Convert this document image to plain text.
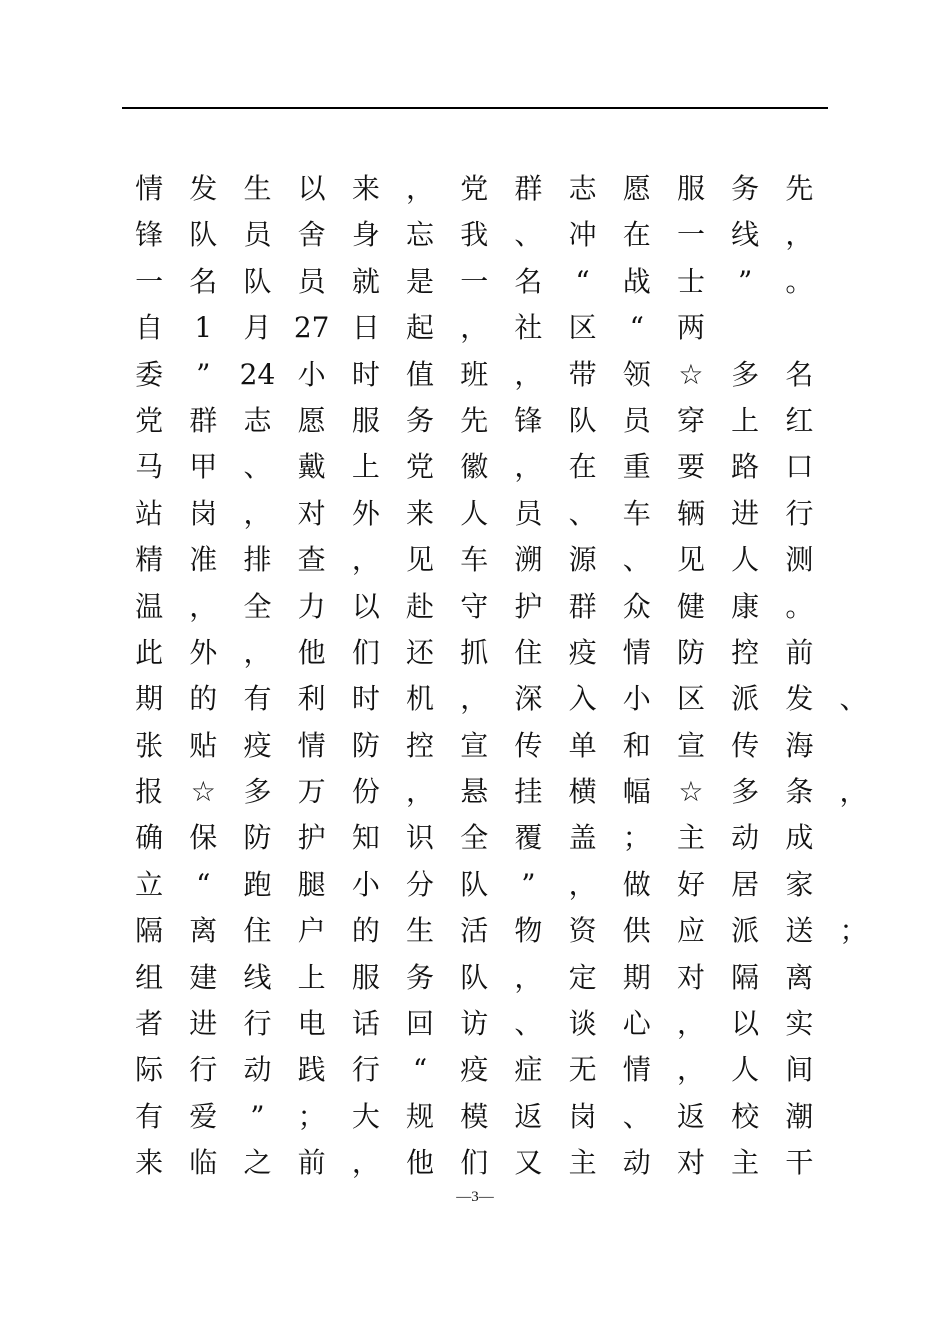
情 发 生 以 来 ， 党 群 志 愿 服 务 先
锋 队 员 舍 身 忘 我 、 冲 在 一 线 ，
一 名 队 员 就 是 一 名 “ 战 士 ” 。
自 1 月 27 日 起 ， 社 区 “ 两
委 ” 24 小 时 值 班 ， 带 领 ☆ 多 名
党 群 志 愿 服 务 先 锋 队 员 穿 上 红
马 甲 、 戴 上 党 徽 ， 在 重 要 路 口
站 岗 ， 对 外 来 人 员 、 车 辆 进 行
精 准 排 查 ， 见 车 溯 源 、 见 人 测
温 ， 全 力 以 赴 守 护 群 众 健 康 。
此 外 ， 他 们 还 抓 住 疫 情 防 控 前
期 的 有 利 时 机 ， 深 入 小 区 派 发 、
张 贴 疫 情 防 控 宣 传 单 和 宣 传 海
报 ☆ 多 万 份 ， 悬 挂 横 幅 ☆ 多 条 ，
确 保 防 护 知 识 全 覆 盖 ； 主 动 成
立 “ 跑 腿 小 分 队 ” ， 做 好 居 家
隔 离 住 户 的 生 活 物 资 供 应 派 送 ；
组 建 线 上 服 务 队 ， 定 期 对 隔 离
者 进 行 电 话 回 访 、 谈 心 ， 以 实
际 行 动 践 行 “ 疫 症 无 情 ， 人 间
有 爱 ” ； 大 规 模 返 岗 、 返 校 潮
来 临 之 前 ， 他 们 又 主 动 对 主 干
—3—
